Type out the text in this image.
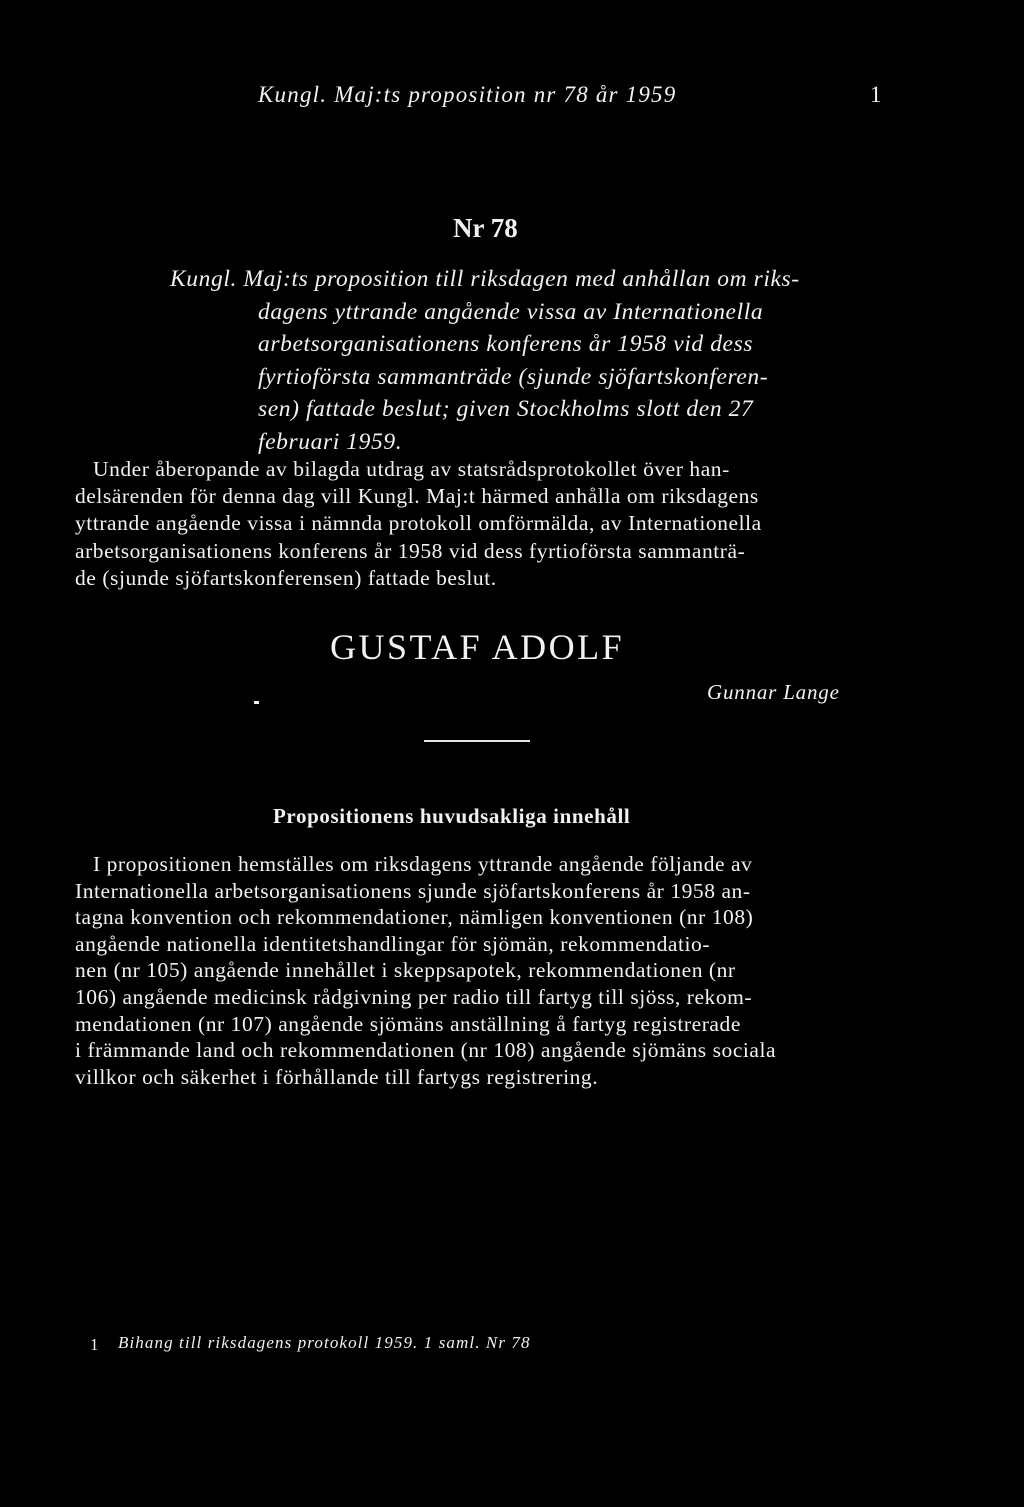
Kungl. Maj:ts proposition nr 78 år 1959	1
Nr 78
Kungl. Maj:ts proposition till riksdagen med anhållan om riks-
dagens yttrande angående vissa av Internationella
arbetsorganisationens konferens år 1958 vid dess
fyrtioförsta sammanträde (sjunde sjöfartskonferen-
sen) fattade beslut; given Stockholms slott den 27
februari 1959.
Under åberopande av bilagda utdrag av statsrådsprotokollet över han-
delsärenden för denna dag vill Kungl. Maj:t härmed anhålla om riksdagens
yttrande angående vissa i nämnda protokoll omförmälda, av Internationella
arbetsorganisationens konferens år 1958 vid dess fyrtioförsta sammanträ-
de (sjunde sjöfartskonferensen) fattade beslut.
GUSTAF ADOLF
Gunnar Lange
Propositionens huvudsakliga innehåll
I propositionen hemställes om riksdagens yttrande angående följande av
Internationella arbetsorganisationens sjunde sjöfartskonferens år 1958 an-
tagna konvention och rekommendationer, nämligen konventionen (nr 108)
angående nationella identitetshandlingar för sjömän, rekommendatio-
nen (nr 105) angående innehållet i skeppsapotek, rekommendationen (nr
106) angående medicinsk rådgivning per radio till fartyg till sjöss, rekom-
mendationen (nr 107) angående sjömäns anställning å fartyg registrerade
i främmande land och rekommendationen (nr 108) angående sjömäns sociala
villkor och säkerhet i förhållande till fartygs registrering.
1 Bihang till riksdagens protokoll 1959. 1 saml. Nr 78
